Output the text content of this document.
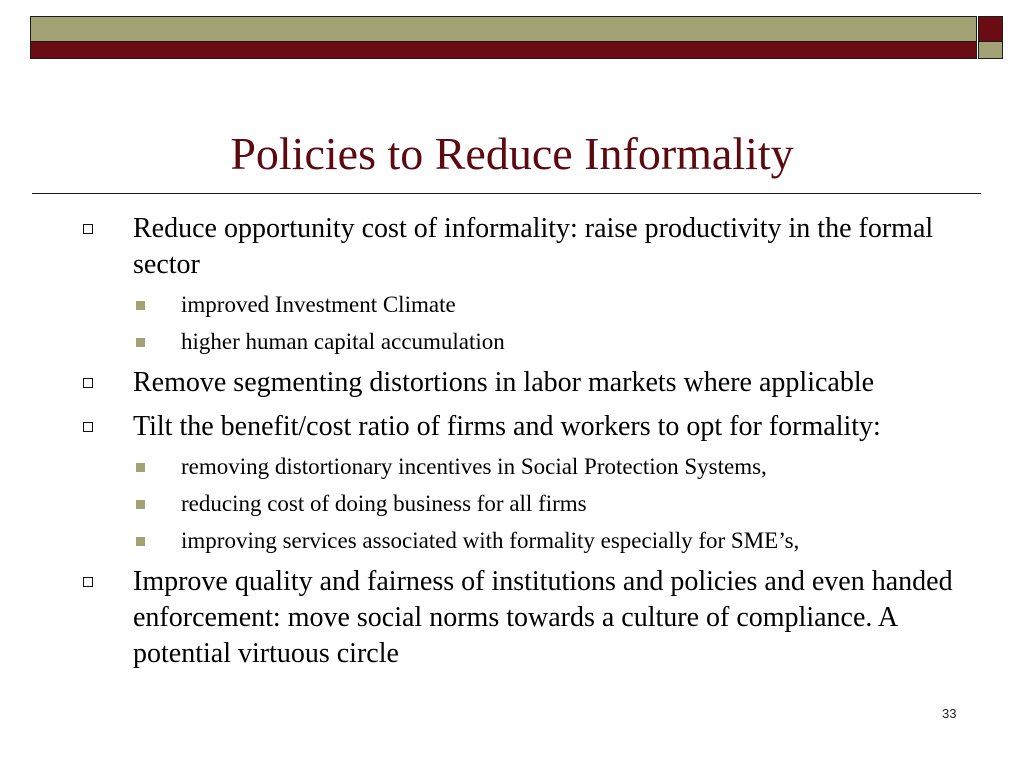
Policies to Reduce Informality
Reduce opportunity cost of informality: raise productivity in the formal sector
improved Investment Climate
higher human capital accumulation
Remove segmenting distortions in labor markets where applicable
Tilt the benefit/cost ratio of firms and workers to opt for formality:
removing distortionary incentives in Social Protection Systems,
reducing cost of doing business for all firms
improving services associated with formality especially for SME’s,
Improve quality and fairness of institutions and policies and even handed enforcement: move social norms towards a culture of compliance. A potential virtuous circle
33
